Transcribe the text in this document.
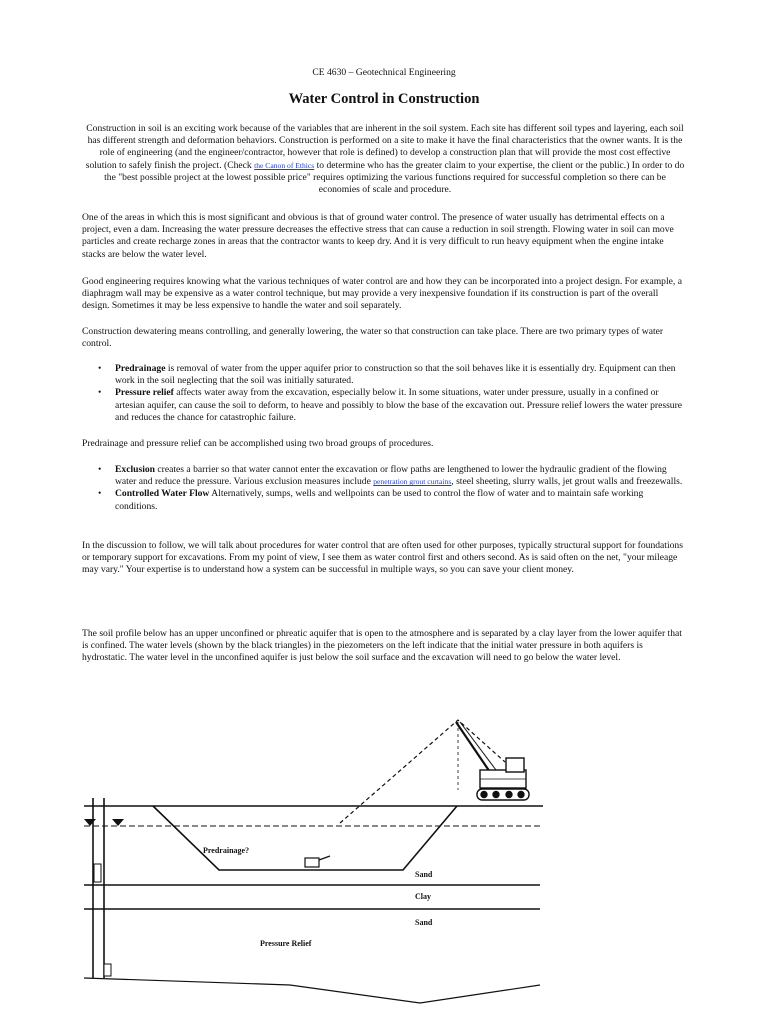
CE 4630 – Geotechnical Engineering
Water Control in Construction

Construction in soil is an exciting work because of the variables that are inherent in the soil system. Each site has different soil types and layering, each soil has different strength and deformation behaviors. Construction is performed on a site to make it have the final characteristics that the owner wants. It is the role of engineering (and the engineer/contractor, however that role is defined) to develop a construction plan that will provide the most cost effective solution to safely finish the project. (Check the Canon of Ethics to determine who has the greater claim to your expertise, the client or the public.) In order to do the "best possible project at the lowest possible price" requires optimizing the various functions required for successful completion so there can be economies of scale and procedure.

One of the areas in which this is most significant and obvious is that of ground water control. The presence of water usually has detrimental effects on a project, even a dam. Increasing the water pressure decreases the effective stress that can cause a reduction in soil strength. Flowing water in soil can move particles and create recharge zones in areas that the contractor wants to keep dry. And it is very difficult to run heavy equipment when the engine intake stacks are below the water level.

Good engineering requires knowing what the various techniques of water control are and how they can be incorporated into a project design. For example, a diaphragm wall may be expensive as a water control technique, but may provide a very inexpensive foundation if its construction is part of the overall design. Sometimes it may be less expensive to handle the water and soil separately.

Construction dewatering means controlling, and generally lowering, the water so that construction can take place. There are two primary types of water control.

• Predrainage is removal of water from the upper aquifer prior to construction so that the soil behaves like it is essentially dry. Equipment can then work in the soil neglecting that the soil was initially saturated.
• Pressure relief affects water away from the excavation, especially below it. In some situations, water under pressure, usually in a confined or artesian aquifer, can cause the soil to deform, to heave and possibly to blow the base of the excavation out. Pressure relief lowers the water pressure and reduces the chance for catastrophic failure.

Predrainage and pressure relief can be accomplished using two broad groups of procedures.

• Exclusion creates a barrier so that water cannot enter the excavation or flow paths are lengthened to lower the hydraulic gradient of the flowing water and reduce the pressure. Various exclusion measures include penetration grout curtains, steel sheeting, slurry walls, jet grout walls and freezewalls.
• Controlled Water Flow Alternatively, sumps, wells and wellpoints can be used to control the flow of water and to maintain safe working conditions.

In the discussion to follow, we will talk about procedures for water control that are often used for other purposes, typically structural support for foundations or temporary support for excavations. From my point of view, I see them as water control first and others second. As is said often on the net, "your mileage may vary." Your expertise is to understand how a system can be successful in multiple ways, so you can save your client money.

The soil profile below has an upper unconfined or phreatic aquifer that is open to the atmosphere and is separated by a clay layer from the lower aquifer that is confined. The water levels (shown by the black triangles) in the piezometers on the left indicate that the initial water pressure in both aquifers is hydrostatic. The water level in the unconfined aquifer is just below the soil surface and the excavation will need to go below the water level.

Predrainage?
Sand
Clay
Sand
Pressure Relief
